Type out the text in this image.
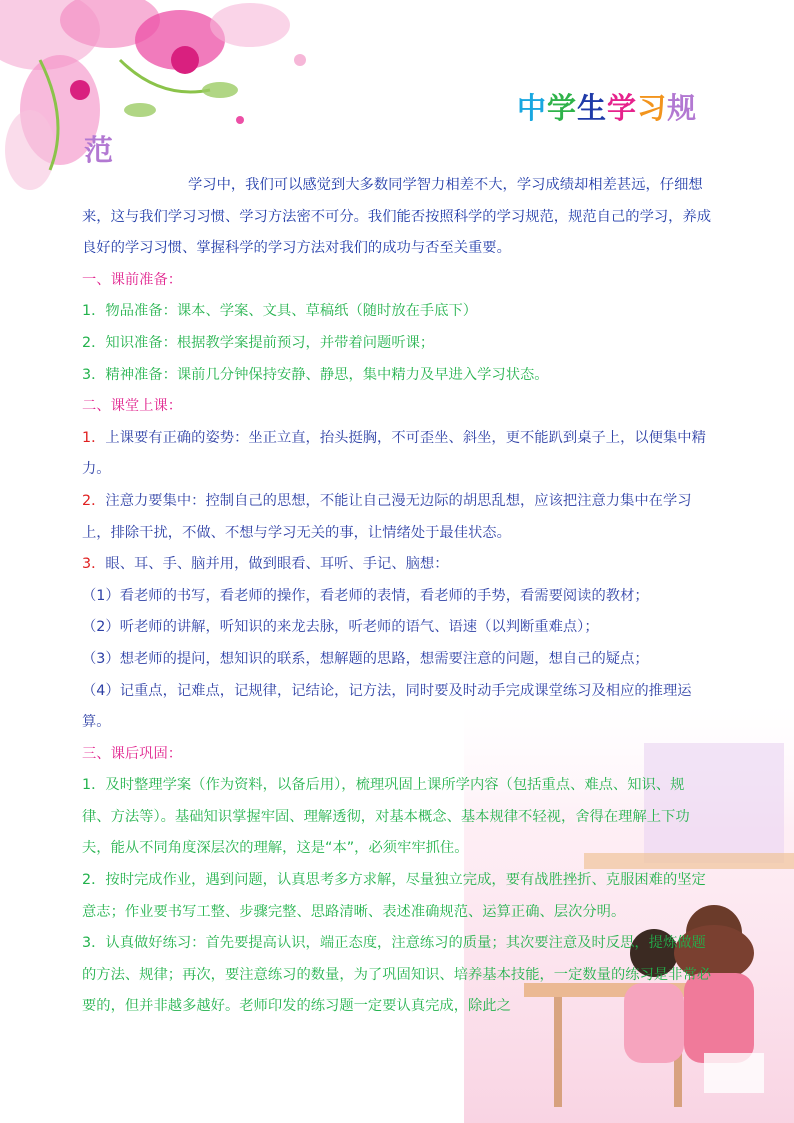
中学生学习规
范

学习中，我们可以感觉到大多数同学智力相差不大，学习成绩却相差甚远，仔细想来，这与我们学习习惯、学习方法密不可分。我们能否按照科学的学习规范，规范自己的学习，养成良好的学习习惯、掌握科学的学习方法对我们的成功与否至关重要。

一、课前准备：

1．物品准备：课本、学案、文具、草稿纸（随时放在手底下）

2．知识准备：根据教学案提前预习，并带着问题听课；

3．精神准备：课前几分钟保持安静、静思，集中精力及早进入学习状态。

二、课堂上课：

1．上课要有正确的姿势：坐正立直，抬头挺胸，不可歪坐、斜坐，更不能趴到桌子上，以便集中精力。

2．注意力要集中：控制自己的思想，不能让自己漫无边际的胡思乱想，应该把注意力集中在学习上，排除干扰，不做、不想与学习无关的事，让情绪处于最佳状态。

3．眼、耳、手、脑并用，做到眼看、耳听、手记、脑想：

（1）看老师的书写，看老师的操作，看老师的表情，看老师的手势，看需要阅读的教材；

（2）听老师的讲解，听知识的来龙去脉，听老师的语气、语速（以判断重难点）；

（3）想老师的提问，想知识的联系，想解题的思路，想需要注意的问题，想自己的疑点；

（4）记重点，记难点，记规律，记结论，记方法，同时要及时动手完成课堂练习及相应的推理运算。

三、课后巩固：

1．及时整理学案（作为资料，以备后用），梳理巩固上课所学内容（包括重点、难点、知识、规律、方法等）。基础知识掌握牢固、理解透彻，对基本概念、基本规律不轻视，舍得在理解上下功夫，能从不同角度深层次的理解，这是“本”，必须牢牢抓住。

2．按时完成作业，遇到问题，认真思考多方求解，尽量独立完成，要有战胜挫折、克服困难的坚定意志；作业要书写工整、步骤完整、思路清晰、表述准确规范、运算正确、层次分明。

3．认真做好练习：首先要提高认识，端正态度，注意练习的质量；其次要注意及时反思，提炼做题的方法、规律；再次，要注意练习的数量，为了巩固知识、培养基本技能，一定数量的练习是非常必要的，但并非越多越好。老师印发的练习题一定要认真完成，除此之
